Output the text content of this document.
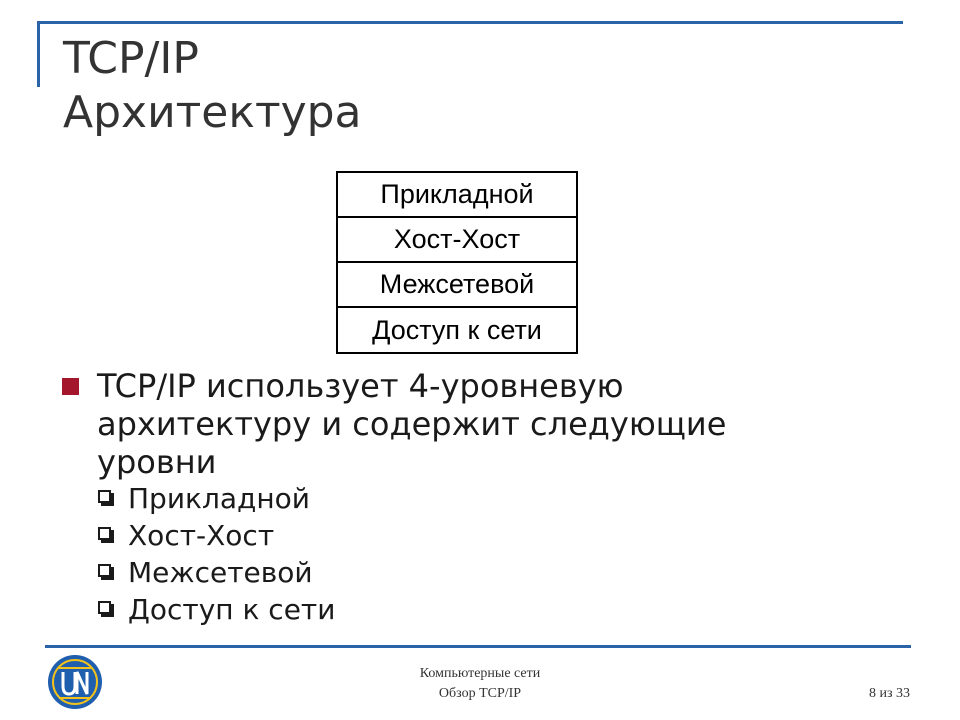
TCP/IP
Архитектура
Прикладной
Хост-Хост
Межсетевой
Доступ к сети
TCP/IP использует 4-уровневую архитектуру и содержит следующие уровни
Прикладной
Хост-Хост
Межсетевой
Доступ к сети
Компьютерные сети
Обзор TCP/IP	8 из 33
